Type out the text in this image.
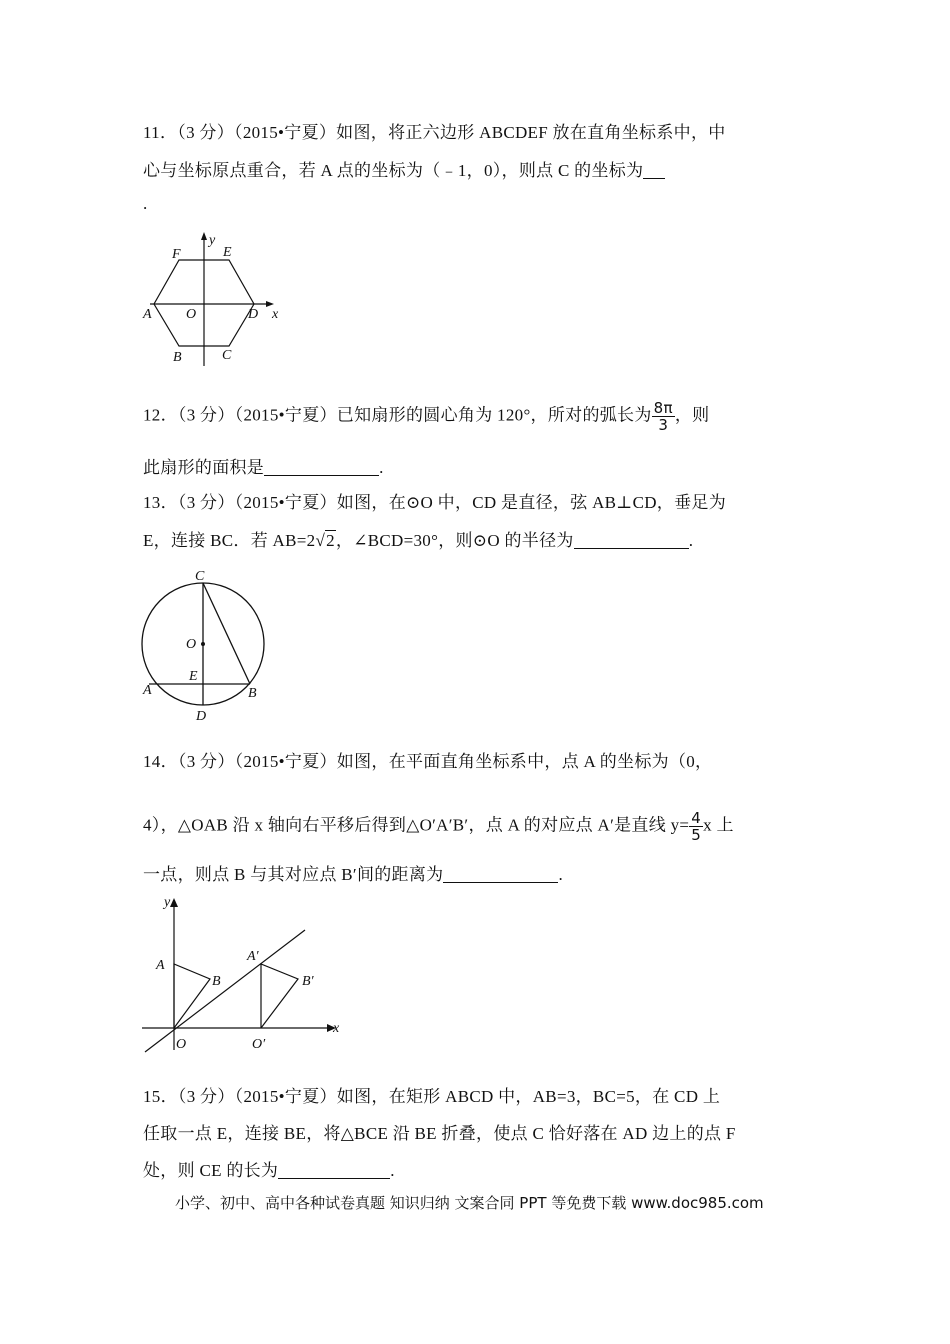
11．（3 分）（2015•宁夏）如图，将正六边形 ABCDEF 放在直角坐标系中，中
心与坐标原点重合，若 A 点的坐标为（﹣1，0），则点 C 的坐标为
.
F	E
y
A O	D x
B	C
12．（3 分）（2015•宁夏）已知扇形的圆心角为 120°，所对的弧长为 $\frac{8\pi}{3}$ ，则
此扇形的面积是	.
13．（3 分）（2015•宁夏）如图，在⊙O 中，CD 是直径，弦 AB⊥CD，垂足为
E，连接 BC．若 AB=2√2，∠BCD=30°，则⊙O 的半径为	.
C
O
E
A	B
D
14．（3 分）（2015•宁夏）如图，在平面直角坐标系中，点 A 的坐标为（0，
4），△OAB 沿 x 轴向右平移后得到△O′A′B′，点 A 的对应点 A′是直线 $y= \frac{4}{5}$ x 上
一点，则点 B 与其对应点 B′间的距离为	.
y
A
B
A′
B′
O	O′
x
15．（3 分）（2015•宁夏）如图，在矩形 ABCD 中，AB=3，BC=5，在 CD 上
任取一点 E，连接 BE，将△BCE 沿 BE 折叠，使点 C 恰好落在 AD 边上的点 F
处，则 CE 的长为	.
小学、初中、高中各种试卷真题 知识归纳 文案合同 PPT 等免费下载 www.doc985.com
